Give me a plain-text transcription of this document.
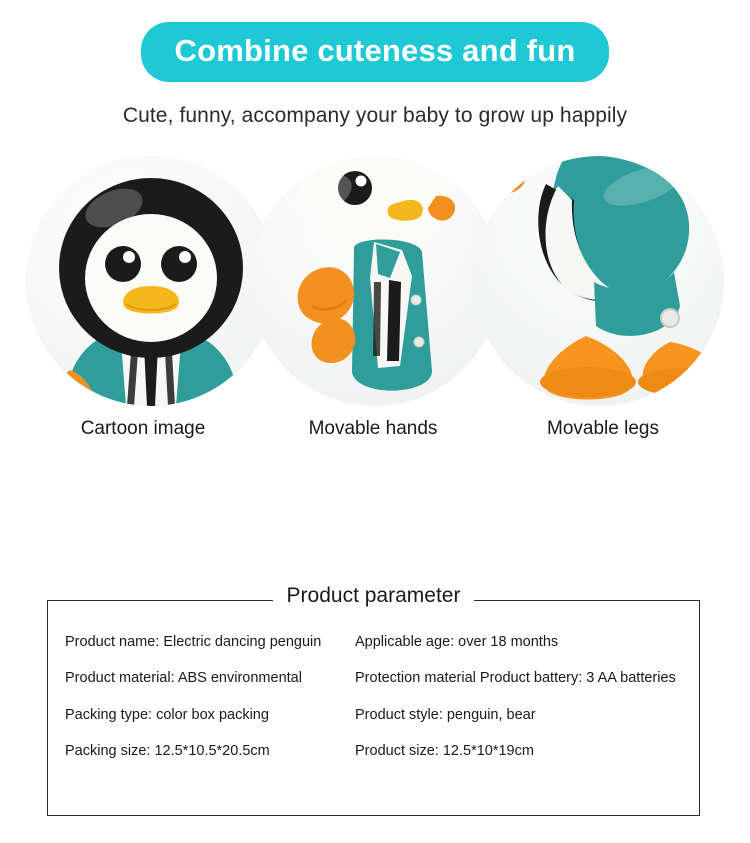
Combine cuteness and fun
Cute, funny, accompany your baby to grow up happily
Cartoon image	Movable hands	Movable legs
Product parameter
Product name: Electric dancing penguin	Applicable age: over 18 months
Product material: ABS environmental	Protection material Product battery: 3 AA batteries
Packing type: color box packing	Product style: penguin, bear
Packing size: 12.5*10.5*20.5cm	Product size: 12.5*10*19cm
